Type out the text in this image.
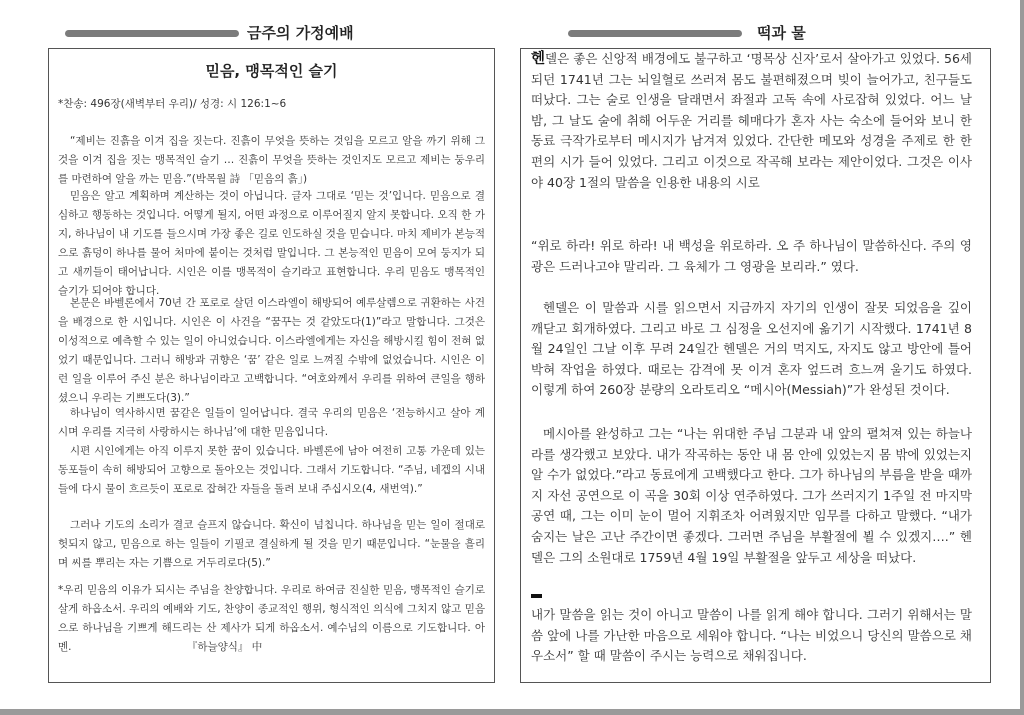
금주의 가정예배	떡과 물
믿음, 맹목적인 슬기
*찬송: 496장(새벽부터 우리)/ 성경: 시 126:1~6
“제비는 진흙을 이겨 집을 짓는다. 진흙이 무엇을 뜻하는 것임을 모르고 알을 까기 위해 그것을 이겨 집을 짓는 맹목적인 슬기 … 진흙이 무엇을 뜻하는 것인지도 모르고 제비는 둥우리를 마련하여 알을 까는 믿음.”(박목월 詩 「믿음의 흙」)
믿음은 알고 계획하며 계산하는 것이 아닙니다. 글자 그대로 ‘믿는 것’입니다. 믿음으로 결심하고 행동하는 것입니다. 어떻게 될지, 어떤 과정으로 이루어질지 알지 못합니다. 오직 한 가지, 하나님이 내 기도를 들으시며 가장 좋은 길로 인도하실 것을 믿습니다. 마치 제비가 본능적으로 흙덩이 하나를 물어 처마에 붙이는 것처럼 말입니다. 그 본능적인 믿음이 모여 둥지가 되고 새끼들이 태어납니다. 시인은 이를 맹목적이 슬기라고 표현합니다. 우리 믿음도 맹목적인 슬기가 되어야 합니다.
본문은 바벨론에서 70년 간 포로로 살던 이스라엘이 해방되어 예루살렘으로 귀환하는 사건을 배경으로 한 시입니다. 시인은 이 사건을 “꿈꾸는 것 같았도다(1)”라고 말합니다. 그것은 이성적으로 예측할 수 있는 일이 아니었습니다. 이스라엘에게는 자신을 해방시킬 힘이 전혀 없었기 때문입니다. 그러니 해방과 귀향은 ‘꿈’ 같은 일로 느껴질 수밖에 없었습니다. 시인은 이런 일을 이루어 주신 분은 하나님이라고 고백합니다. “여호와께서 우리를 위하여 큰일을 행하셨으니 우리는 기쁘도다(3).”
하나님이 역사하시면 꿈같은 일들이 일어납니다. 결국 우리의 믿음은 ‘전능하시고 살아 계시며 우리를 지극히 사랑하시는 하나님’에 대한 믿음입니다.
시편 시인에게는 아직 이루지 못한 꿈이 있습니다. 바벨론에 남아 여전히 고통 가운데 있는 동포들이 속히 해방되어 고향으로 돌아오는 것입니다. 그래서 기도합니다. “주님, 네겝의 시내들에 다시 물이 흐르듯이 포로로 잡혀간 자들을 돌려 보내 주십시오(4, 새번역).”
그러나 기도의 소리가 결코 슬프지 않습니다. 확신이 넘칩니다. 하나님을 믿는 일이 절대로 헛되지 않고, 믿음으로 하는 일들이 기필코 결실하게 될 것을 믿기 때문입니다. “눈물을 흘리며 씨를 뿌리는 자는 기쁨으로 거두리로다(5).”
*우리 믿음의 이유가 되시는 주님을 찬양합니다. 우리로 하여금 진실한 믿음, 맹목적인 슬기로 살게 하옵소서. 우리의 예배와 기도, 찬양이 종교적인 행위, 형식적인 의식에 그치지 않고 믿음으로 하나님을 기쁘게 해드리는 산 제사가 되게 하옵소서. 예수님의 이름으로 기도합니다. 아멘.	『하늘양식』 中
헨델은 좋은 신앙적 배경에도 불구하고 ‘명목상 신자’로서 살아가고 있었다. 56세 되던 1741년 그는 뇌일혈로 쓰러져 몸도 불편해졌으며 빚이 늘어가고, 친구들도 떠났다. 그는 술로 인생을 달래면서 좌절과 고독 속에 사로잡혀 있었다. 어느 날 밤, 그 날도 술에 취해 어두운 거리를 헤매다가 혼자 사는 숙소에 들어와 보니 한 동료 극작가로부터 메시지가 남겨져 있었다. 간단한 메모와 성경을 주제로 한 한 편의 시가 들어 있었다. 그리고 이것으로 작곡해 보라는 제안이었다. 그것은 이사야 40장 1절의 말씀을 인용한 내용의 시로
“위로 하라! 위로 하라! 내 백성을 위로하라. 오 주 하나님이 말씀하신다. 주의 영광은 드러나고야 말리라. 그 육체가 그 영광을 보리라.” 였다.
헨델은 이 말씀과 시를 읽으면서 지금까지 자기의 인생이 잘못 되었음을 깊이 깨닫고 회개하였다. 그리고 바로 그 심정을 오선지에 옮기기 시작했다. 1741년 8월 24일인 그날 이후 무려 24일간 헨델은 거의 먹지도, 자지도 않고 방안에 틀어박혀 작업을 하였다. 때로는 감격에 못 이겨 혼자 엎드려 흐느껴 울기도 하였다. 이렇게 하여 260장 분량의 오라토리오 “메시아(Messiah)”가 완성된 것이다.
메시아를 완성하고 그는 “나는 위대한 주님 그분과 내 앞의 펼쳐져 있는 하늘나라를 생각했고 보았다. 내가 작곡하는 동안 내 몸 안에 있었는지 몸 밖에 있었는지 알 수가 없었다.”라고 동료에게 고백했다고 한다. 그가 하나님의 부름을 받을 때까지 자선 공연으로 이 곡을 30회 이상 연주하였다. 그가 쓰러지기 1주일 전 마지막 공연 때, 그는 이미 눈이 멀어 지휘조차 어려웠지만 임무를 다하고 말했다. “내가 숨지는 날은 고난 주간이면 좋겠다. 그러면 주님을 부활절에 뵐 수 있겠지….” 헨델은 그의 소원대로 1759년 4월 19일 부활절을 앞두고 세상을 떠났다.
내가 말씀을 읽는 것이 아니고 말씀이 나를 읽게 해야 합니다. 그러기 위해서는 말씀 앞에 나를 가난한 마음으로 세워야 합니다. “나는 비었으니 당신의 말씀으로 채우소서” 할 때 말씀이 주시는 능력으로 채워집니다.
